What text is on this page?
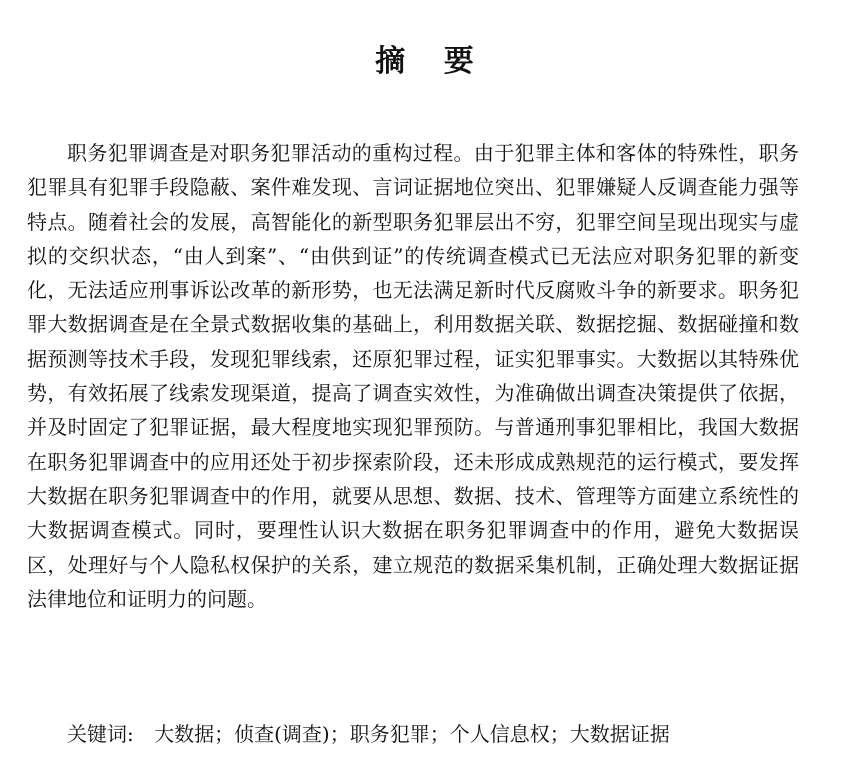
摘 要

职务犯罪调查是对职务犯罪活动的重构过程。由于犯罪主体和客体的特殊性，职务犯罪具有犯罪手段隐蔽、案件难发现、言词证据地位突出、犯罪嫌疑人反调查能力强等特点。随着社会的发展，高智能化的新型职务犯罪层出不穷，犯罪空间呈现出现实与虚拟的交织状态，“由人到案”、“由供到证”的传统调查模式已无法应对职务犯罪的新变化，无法适应刑事诉讼改革的新形势，也无法满足新时代反腐败斗争的新要求。职务犯罪大数据调查是在全景式数据收集的基础上，利用数据关联、数据挖掘、数据碰撞和数据预测等技术手段，发现犯罪线索，还原犯罪过程，证实犯罪事实。大数据以其特殊优势，有效拓展了线索发现渠道，提高了调查实效性，为准确做出调查决策提供了依据，并及时固定了犯罪证据，最大程度地实现犯罪预防。与普通刑事犯罪相比，我国大数据在职务犯罪调查中的应用还处于初步探索阶段，还未形成成熟规范的运行模式，要发挥大数据在职务犯罪调查中的作用，就要从思想、数据、技术、管理等方面建立系统性的大数据调查模式。同时，要理性认识大数据在职务犯罪调查中的作用，避免大数据误区，处理好与个人隐私权保护的关系，建立规范的数据采集机制，正确处理大数据证据法律地位和证明力的问题。

关键词: 大数据；侦查(调查)；职务犯罪；个人信息权；大数据证据
